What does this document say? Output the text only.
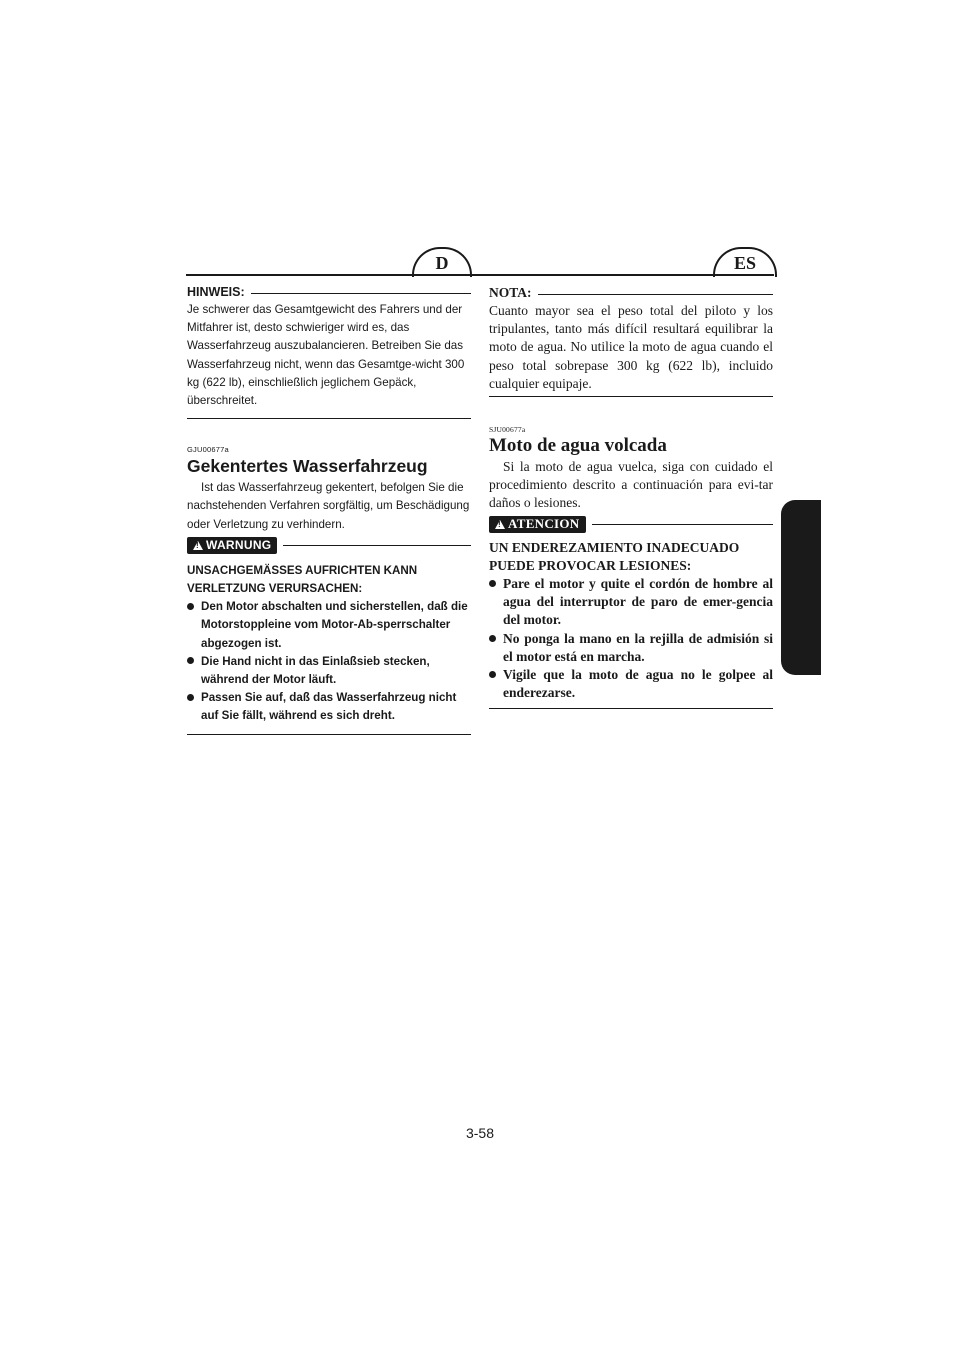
D	ES
HINWEIS:

Je schwerer das Gesamtgewicht des Fahrers und der Mitfahrer ist, desto schwieriger wird es, das Wasserfahrzeug auszubalancieren. Betreiben Sie das Wasserfahrzeug nicht, wenn das Gesamtge-wicht 300 kg (622 lb), einschließlich jeglichem Gepäck, überschreitet.

GJU00677a
Gekentertes Wasserfahrzeug

Ist das Wasserfahrzeug gekentert, befolgen Sie die nachstehenden Verfahren sorgfältig, um Beschädigung oder Verletzung zu verhindern.

!
WARNUNG
UNSACHGEMÄSSES AUFRICHTEN KANN VERLETZUNG VERURSACHEN:
Den Motor abschalten und sicherstellen, daß die Motorstoppleine vom Motor-Ab-sperrschalter abgezogen ist.
Die Hand nicht in das Einlaßsieb stecken, während der Motor läuft.
Passen Sie auf, daß das Wasserfahrzeug nicht auf Sie fällt, während es sich dreht.
NOTA:

Cuanto mayor sea el peso total del piloto y los tripulantes, tanto más difícil resultará equilibrar la moto de agua. No utilice la moto de agua cuando el peso total sobrepase 300 kg (622 lb), incluido cualquier equipaje.

SJU00677a
Moto de agua volcada

Si la moto de agua vuelca, siga con cuidado el procedimiento descrito a continuación para evi-tar daños o lesiones.

!
ATENCION
UN ENDEREZAMIENTO INADECUADO PUEDE PROVOCAR LESIONES:
Pare el motor y quite el cordón de hombre al agua del interruptor de paro de emer-gencia del motor.
No ponga la mano en la rejilla de admisión si el motor está en marcha.
Vigile que la moto de agua no le golpee al enderezarse.
3-58
